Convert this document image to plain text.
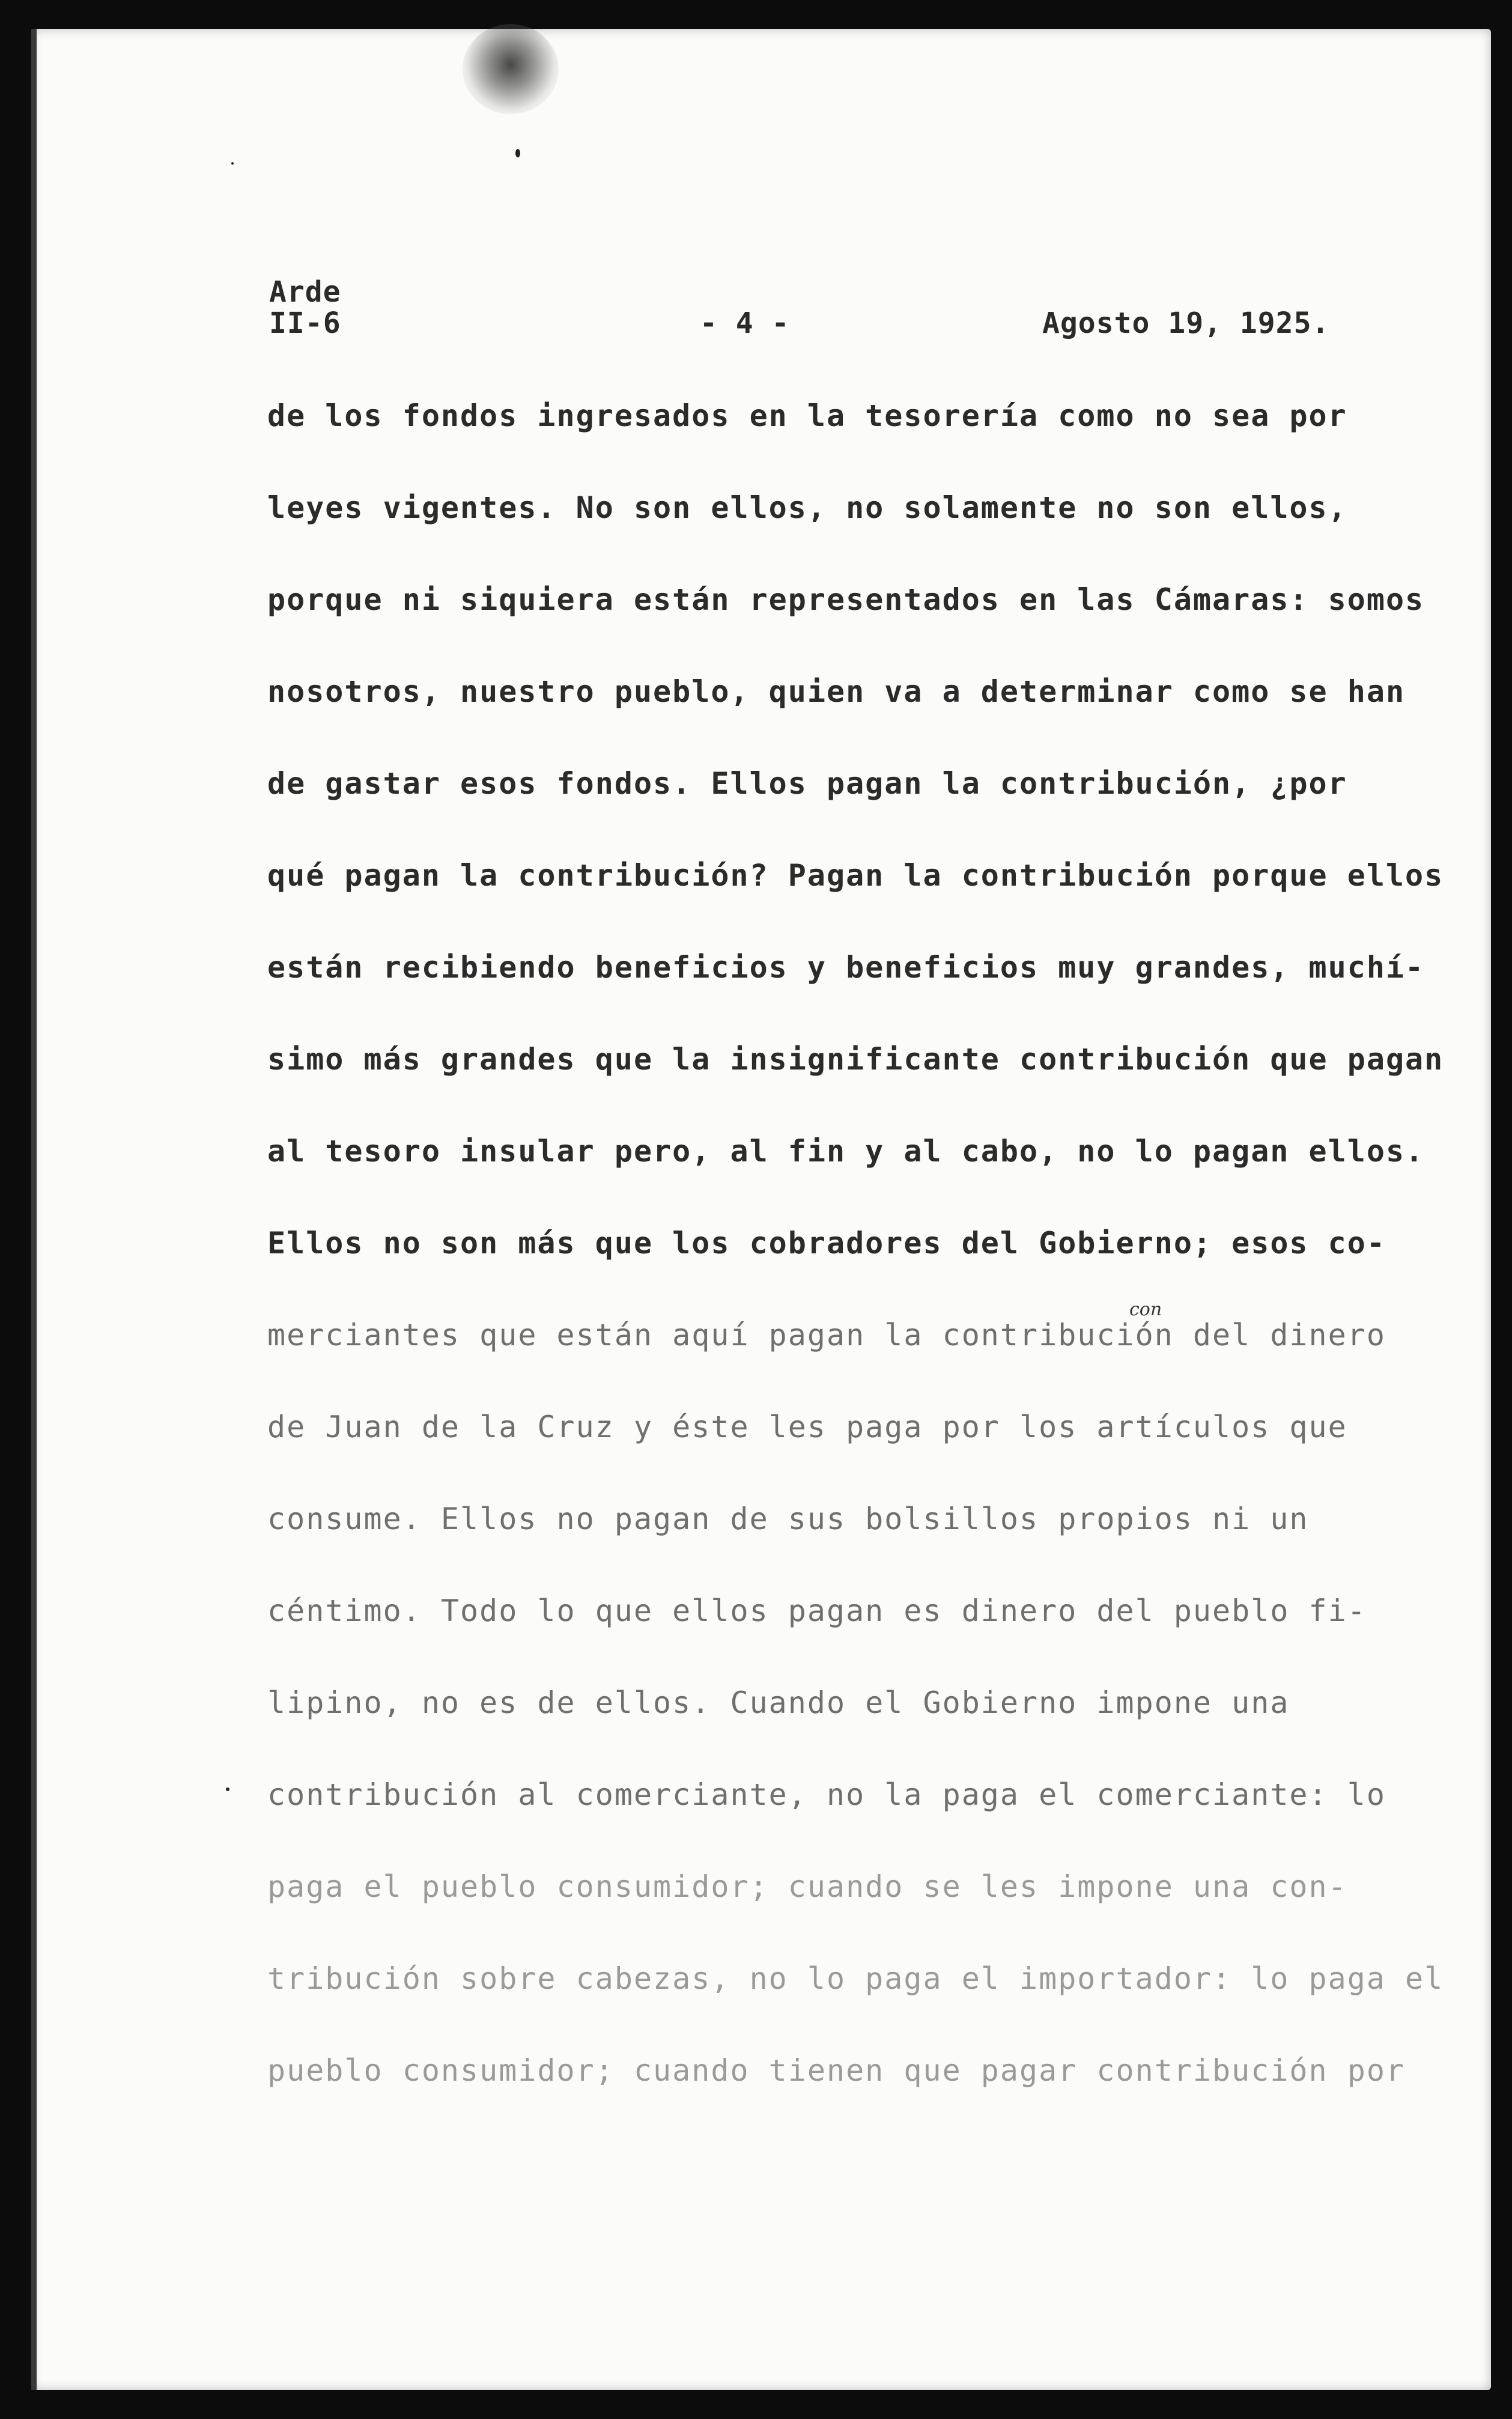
Arde
II-6	- 4 -	Agosto 19, 1925.
de los fondos ingresados en la tesorería como no sea por
leyes vigentes. No son ellos, no solamente no son ellos,
porque ni siquiera están representados en las Cámaras: somos
nosotros, nuestro pueblo, quien va a determinar como se han
de gastar esos fondos. Ellos pagan la contribución, ¿por
qué pagan la contribución? Pagan la contribución porque ellos
están recibiendo beneficios y beneficios muy grandes, muchí-
simo más grandes que la insignificante contribución que pagan
al tesoro insular pero, al fin y al cabo, no lo pagan ellos.
Ellos no son más que los cobradores del Gobierno; esos co-
merciantes que están aquí pagan la contribución del dinero
de Juan de la Cruz y éste les paga por los artículos que
consume. Ellos no pagan de sus bolsillos propios ni un
céntimo. Todo lo que ellos pagan es dinero del pueblo fi-
lipino, no es de ellos. Cuando el Gobierno impone una
contribución al comerciante, no la paga el comerciante: lo
paga el pueblo consumidor; cuando se les impone una con-
tribución sobre cabezas, no lo paga el importador: lo paga el
pueblo consumidor; cuando tienen que pagar contribución por
con
